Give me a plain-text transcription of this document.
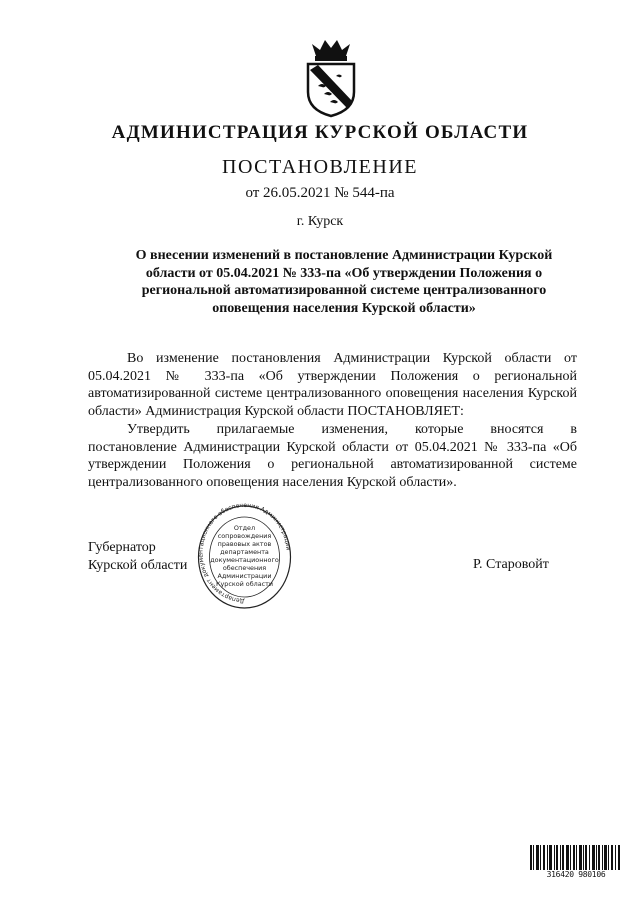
АДМИНИСТРАЦИЯ КУРСКОЙ ОБЛАСТИ
ПОСТАНОВЛЕНИЕ
от 26.05.2021 № 544-па
г. Курск
О внесении изменений в постановление Администрации Курской
области от 05.04.2021 № 333-па «Об утверждении Положения о
региональной автоматизированной системе централизованного
оповещения населения Курской области»
Во изменение постановления Администрации Курской области от 05.04.2021 № 333-па «Об утверждении Положения о региональной автоматизированной системе централизованного оповещения населения Курской области» Администрация Курской области ПОСТАНОВЛЯЕТ:
Утвердить прилагаемые изменения, которые вносятся в
постановление Администрации Курской области от 05.04.2021 № 333-па «Об утверждении Положения о региональной автоматизированной системе централизованного оповещения населения Курской области».
Губернатор
Курской области	Р. Старовойт
Департамент документационного обеспечения Администрации
Отдел
сопровождения
правовых актов
департамента
документационного
обеспечения
Администрации
Курской области
316420 980106
